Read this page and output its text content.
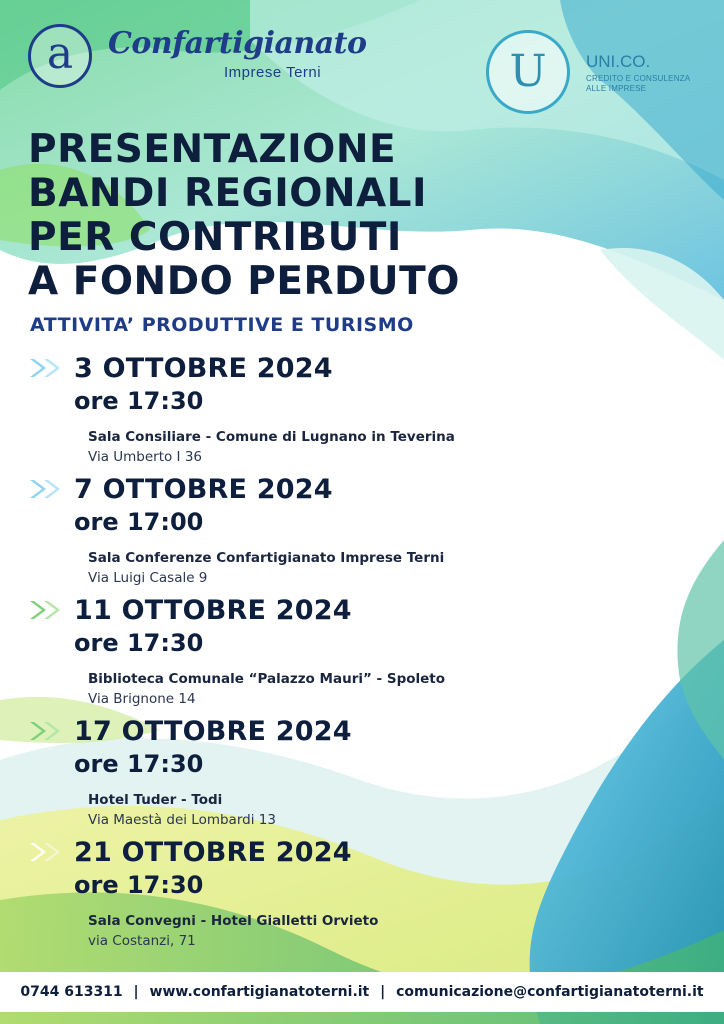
a	Confartigianato
Imprese Terni	U	UNI.CO.
CREDITO E CONSULENZA
ALLE IMPRESE
PRESENTAZIONE
BANDI REGIONALI
PER CONTRIBUTI
A FONDO PERDUTO
ATTIVITA’ PRODUTTIVE E TURISMO
3 OTTOBRE 2024
ore 17:30
Sala Consiliare - Comune di Lugnano in Teverina
Via Umberto I 36
7 OTTOBRE 2024
ore 17:00
Sala Conferenze Confartigianato Imprese Terni
Via Luigi Casale 9
11 OTTOBRE 2024
ore 17:30
Biblioteca Comunale “Palazzo Mauri” - Spoleto
Via Brignone 14
17 OTTOBRE 2024
ore 17:30
Hotel Tuder - Todi
Via Maestà dei Lombardi 13
21 OTTOBRE 2024
ore 17:30
Sala Convegni - Hotel Gialletti Orvieto
via Costanzi, 71
0744 613311 | www.confartigianatoterni.it | comunicazione@confartigianatoterni.it
